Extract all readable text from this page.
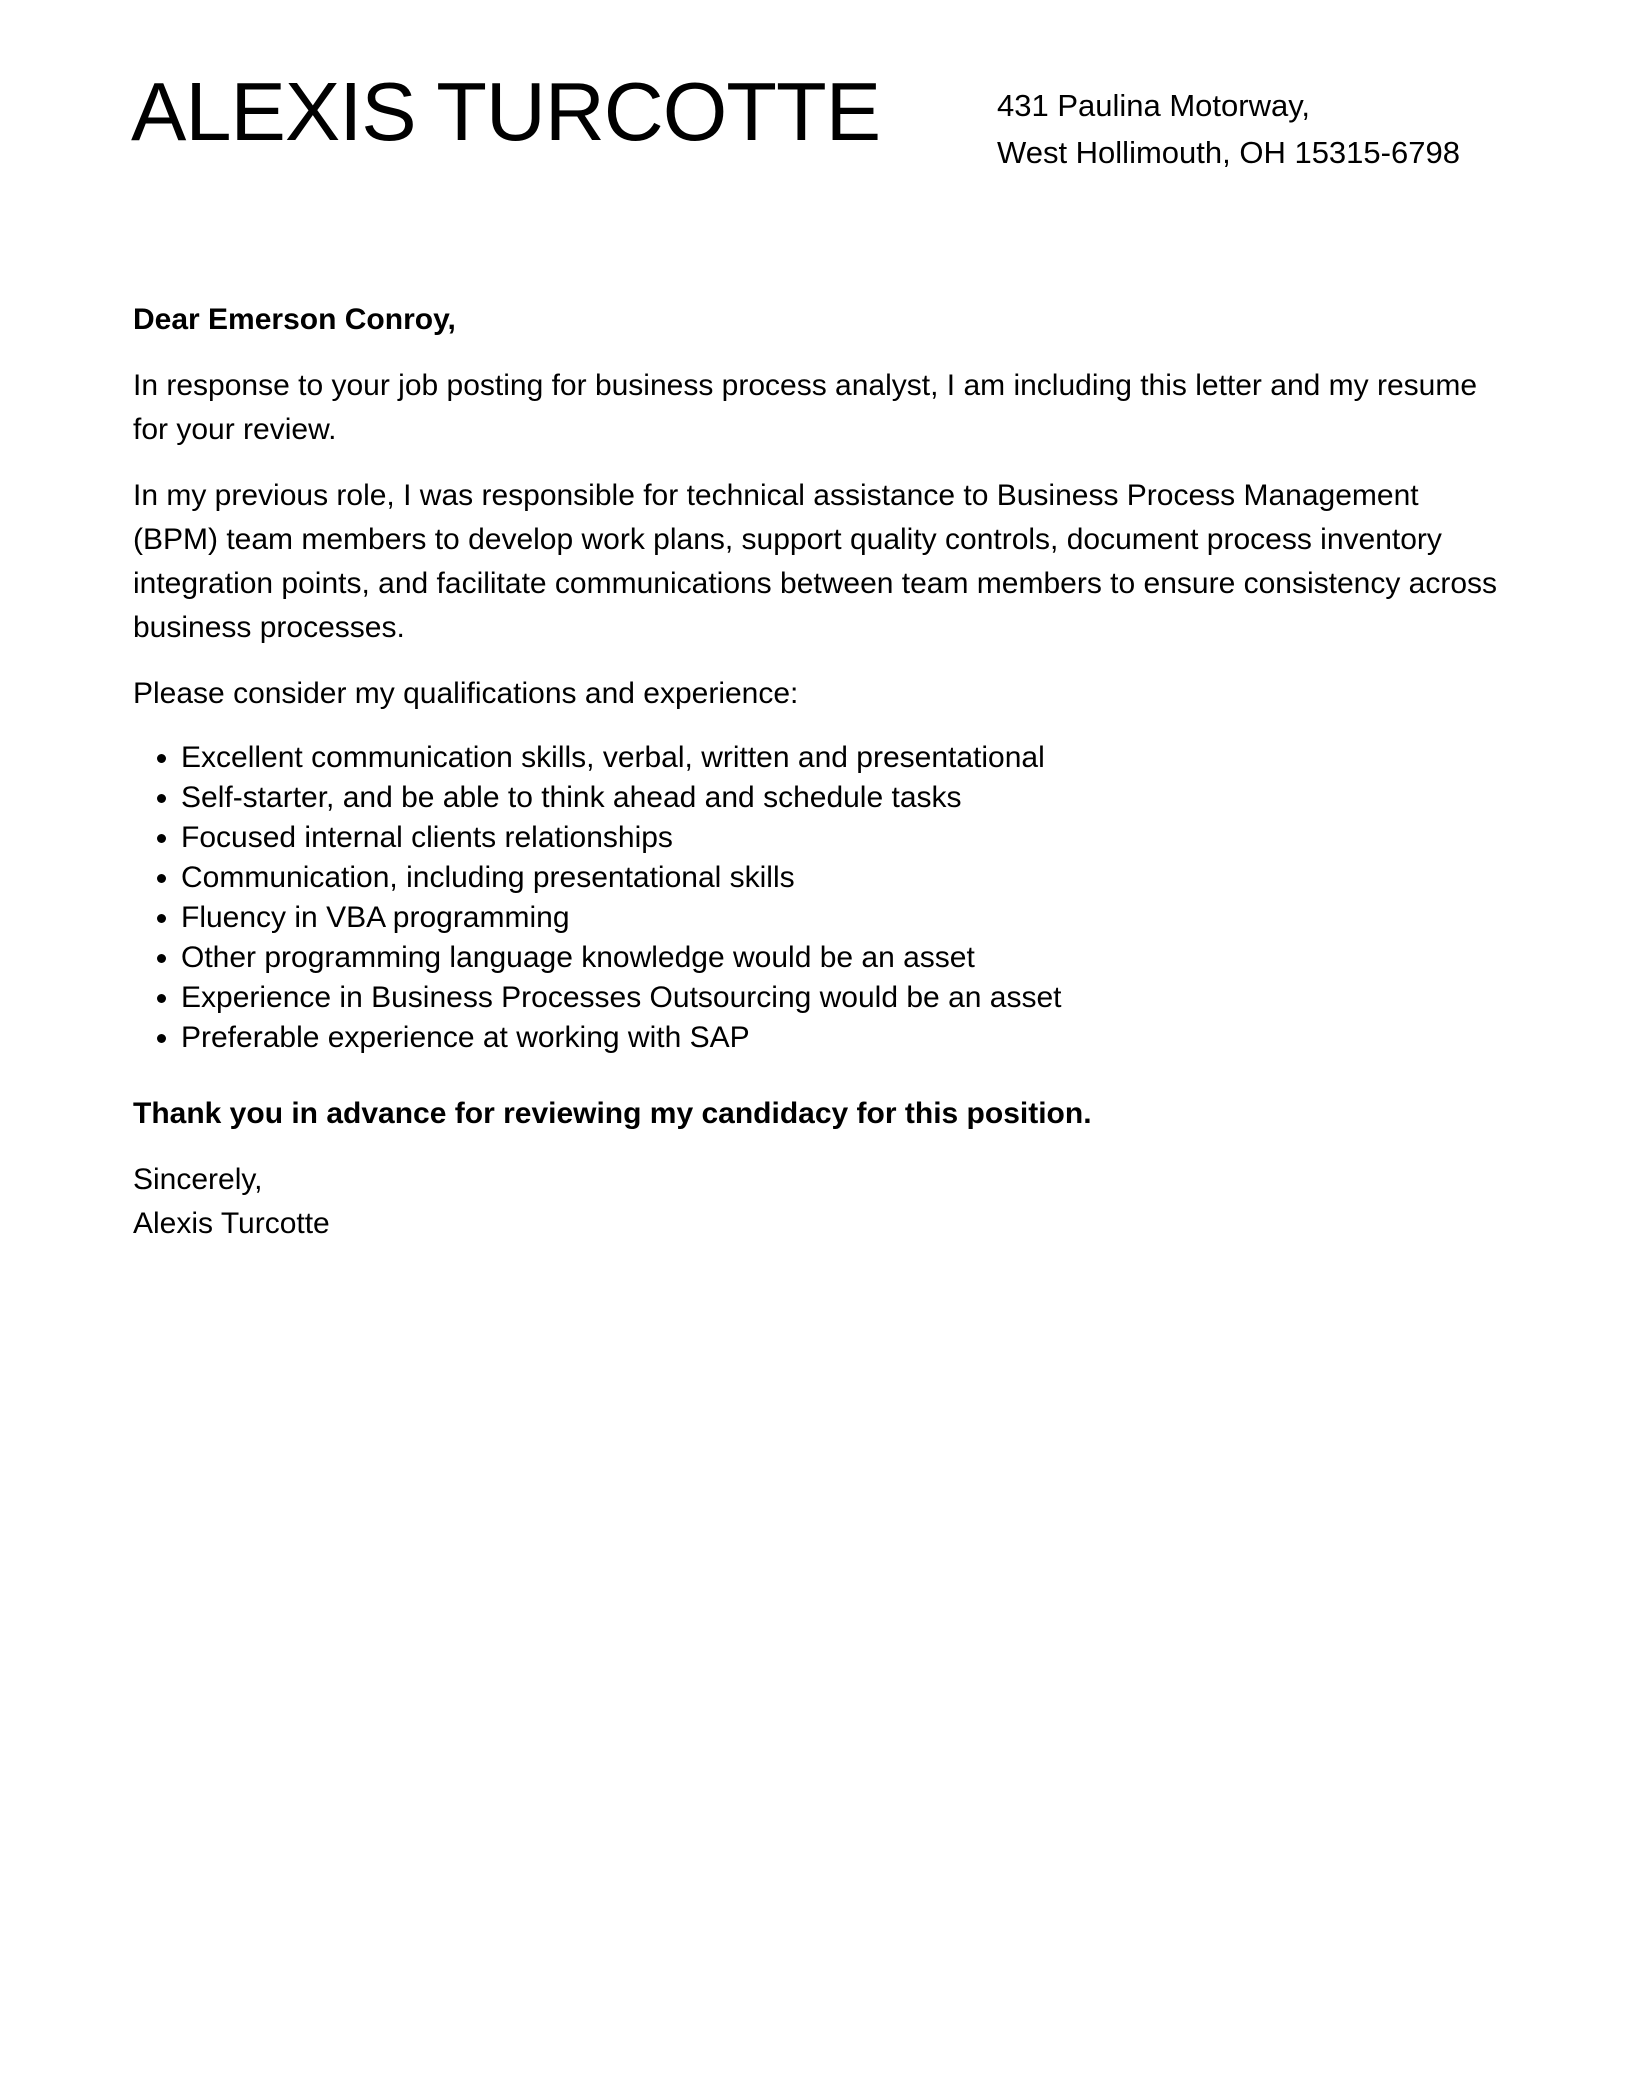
ALEXIS TURCOTTE	431 Paulina Motorway,
West Hollimouth, OH 15315-6798

Dear Emerson Conroy,

In response to your job posting for business process analyst, I am including this letter and my resume for your review.

In my previous role, I was responsible for technical assistance to Business Process Management (BPM) team members to develop work plans, support quality controls, document process inventory integration points, and facilitate communications between team members to ensure consistency across business processes.

Please consider my qualifications and experience:

Excellent communication skills, verbal, written and presentational
Self-starter, and be able to think ahead and schedule tasks
Focused internal clients relationships
Communication, including presentational skills
Fluency in VBA programming
Other programming language knowledge would be an asset
Experience in Business Processes Outsourcing would be an asset
Preferable experience at working with SAP

Thank you in advance for reviewing my candidacy for this position.

Sincerely,
Alexis Turcotte
